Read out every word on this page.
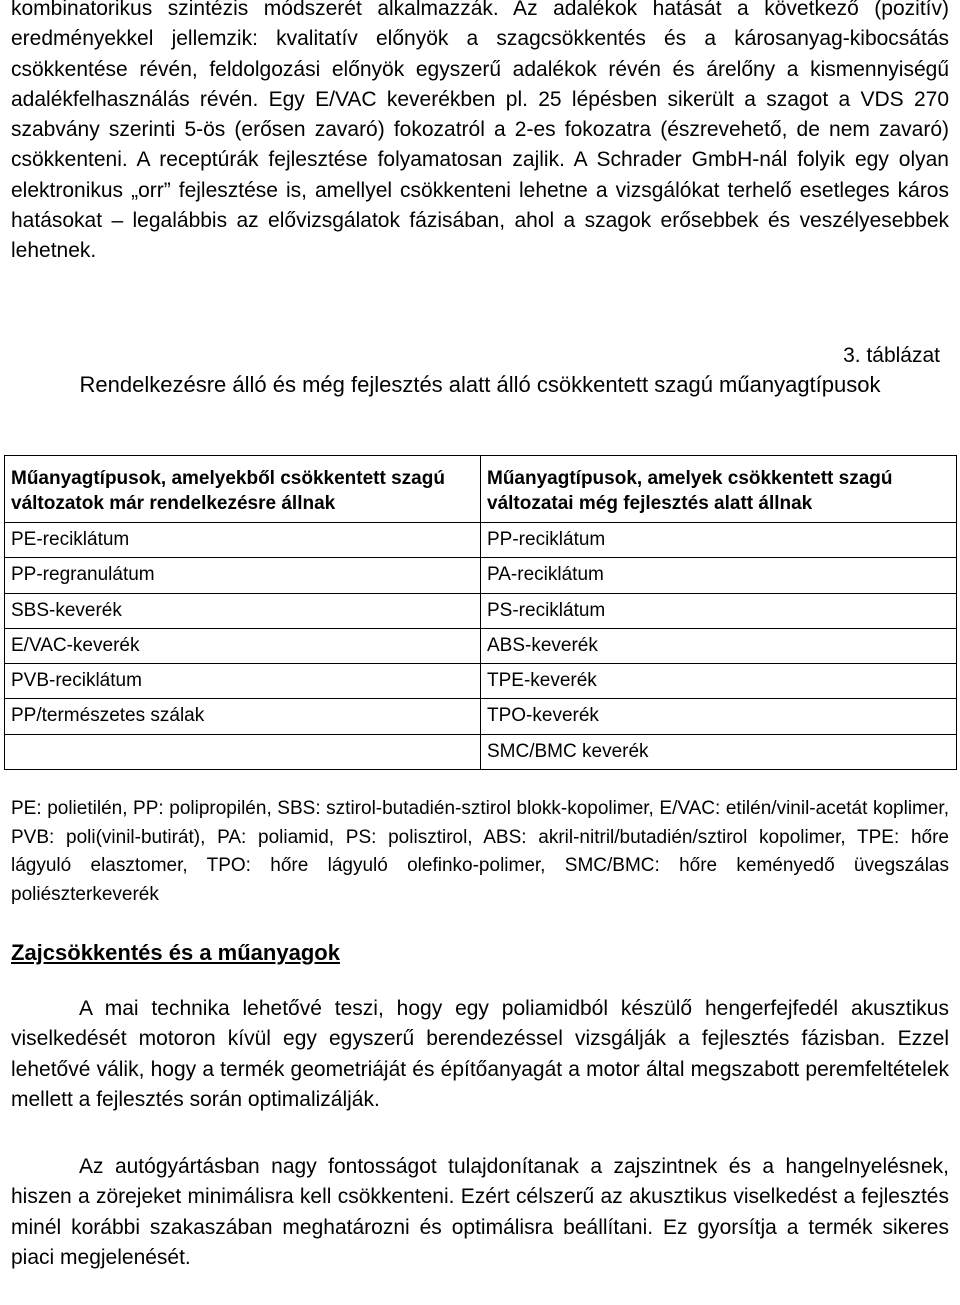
kombinatorikus szintézis módszerét alkalmazzák. Az adalékok hatását a következő (pozitív) eredményekkel jellemzik: kvalitatív előnyök a szagcsökkentés és a károsanyag-kibocsátás csökkentése révén, feldolgozási előnyök egyszerű adalékok révén és árelőny a kismennyiségű adalékfelhasználás révén. Egy E/VAC keverékben pl. 25 lépésben sikerült a szagot a VDS 270 szabvány szerinti 5-ös (erősen zavaró) fokozatról a 2-es fokozatra (észrevehető, de nem zavaró) csökkenteni. A receptúrák fejlesztése folyamatosan zajlik. A Schrader GmbH-nál folyik egy olyan elektronikus „orr” fejlesztése is, amellyel csökkenteni lehetne a vizsgálókat terhelő esetleges káros hatásokat – legalábbis az elővizsgálatok fázisában, ahol a szagok erősebbek és veszélyesebbek lehetnek.

3. táblázat

Rendelkezésre álló és még fejlesztés alatt álló csökkentett szagú műanyagtípusok

Műanyagtípusok, amelyekből csökkentett szagú változatok már rendelkezésre állnak	Műanyagtípusok, amelyek csökkentett szagú változatai még fejlesztés alatt állnak
PE-reciklátum	PP-reciklátum
PP-regranulátum	PA-reciklátum
SBS-keverék	PS-reciklátum
E/VAC-keverék	ABS-keverék
PVB-reciklátum	TPE-keverék
PP/természetes szálak	TPO-keverék
	SMC/BMC keverék

PE: polietilén, PP: polipropilén, SBS: sztirol-butadién-sztirol blokk-kopolimer, E/VAC: etilén/vinil-acetát koplimer, PVB: poli(vinil-butirát), PA: poliamid, PS: polisztirol, ABS: akril-nitril/butadién/sztirol kopolimer, TPE: hőre lágyuló elasztomer, TPO: hőre lágyuló olefinko-polimer, SMC/BMC: hőre keményedő üvegszálas poliészterkeverék

Zajcsökkentés és a műanyagok

A mai technika lehetővé teszi, hogy egy poliamidból készülő hengerfejfedél akusztikus viselkedését motoron kívül egy egyszerű berendezéssel vizsgálják a fejlesztés fázisban. Ezzel lehetővé válik, hogy a termék geometriáját és építőanyagát a motor által megszabott peremfeltételek mellett a fejlesztés során optimalizálják.

Az autógyártásban nagy fontosságot tulajdonítanak a zajszintnek és a hangelnyelésnek, hiszen a zörejeket minimálisra kell csökkenteni. Ezért célszerű az akusztikus viselkedést a fejlesztés minél korábbi szakaszában meghatározni és optimálisra beállítani. Ez gyorsítja a termék sikeres piaci megjelenését.
